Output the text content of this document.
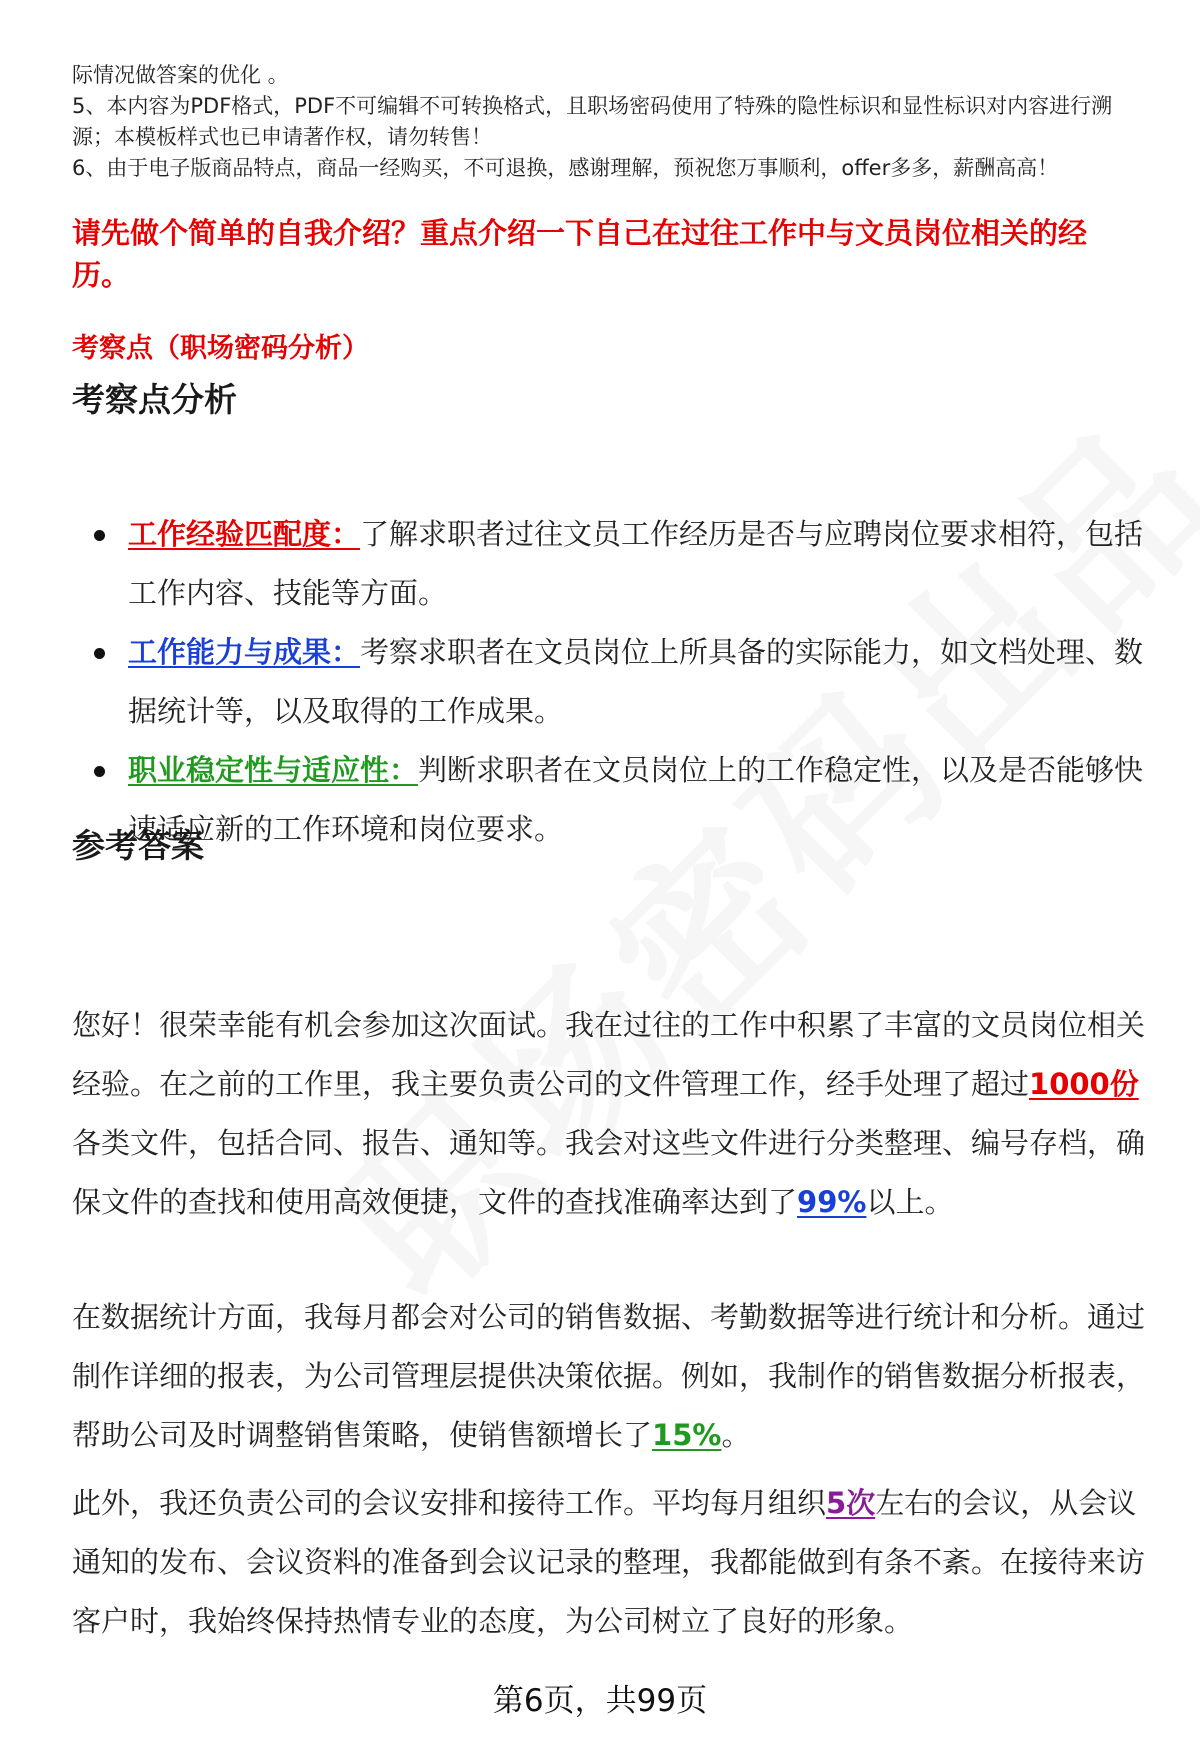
际情况做答案的优化 。

5、本内容为PDF格式，PDF不可编辑不可转换格式，且职场密码使用了特殊的隐性标识和显性标识对内容进行溯源；本模板样式也已申请著作权，请勿转售！

6、由于电子版商品特点，商品一经购买，不可退换，感谢理解，预祝您万事顺利，offer多多，薪酬高高！

请先做个简单的自我介绍？重点介绍一下自己在过往工作中与文员岗位相关的经历。
考察点（职场密码分析）
考察点分析
工作经验匹配度：了解求职者过往文员工作经历是否与应聘岗位要求相符，包括工作内容、技能等方面。
工作能力与成果：考察求职者在文员岗位上所具备的实际能力，如文档处理、数据统计等，以及取得的工作成果。
职业稳定性与适应性：判断求职者在文员岗位上的工作稳定性，以及是否能够快速适应新的工作环境和岗位要求。
参考答案

您好！很荣幸能有机会参加这次面试。我在过往的工作中积累了丰富的文员岗位相关经验。在之前的工作里，我主要负责公司的文件管理工作，经手处理了超过1000份各类文件，包括合同、报告、通知等。我会对这些文件进行分类整理、编号存档，确保文件的查找和使用高效便捷，文件的查找准确率达到了99%以上。

在数据统计方面，我每月都会对公司的销售数据、考勤数据等进行统计和分析。通过制作详细的报表，为公司管理层提供决策依据。例如，我制作的销售数据分析报表，帮助公司及时调整销售策略，使销售额增长了15%。

此外，我还负责公司的会议安排和接待工作。平均每月组织5次左右的会议，从会议通知的发布、会议资料的准备到会议记录的整理，我都能做到有条不紊。在接待来访客户时，我始终保持热情专业的态度，为公司树立了良好的形象。

第6页，共99页
